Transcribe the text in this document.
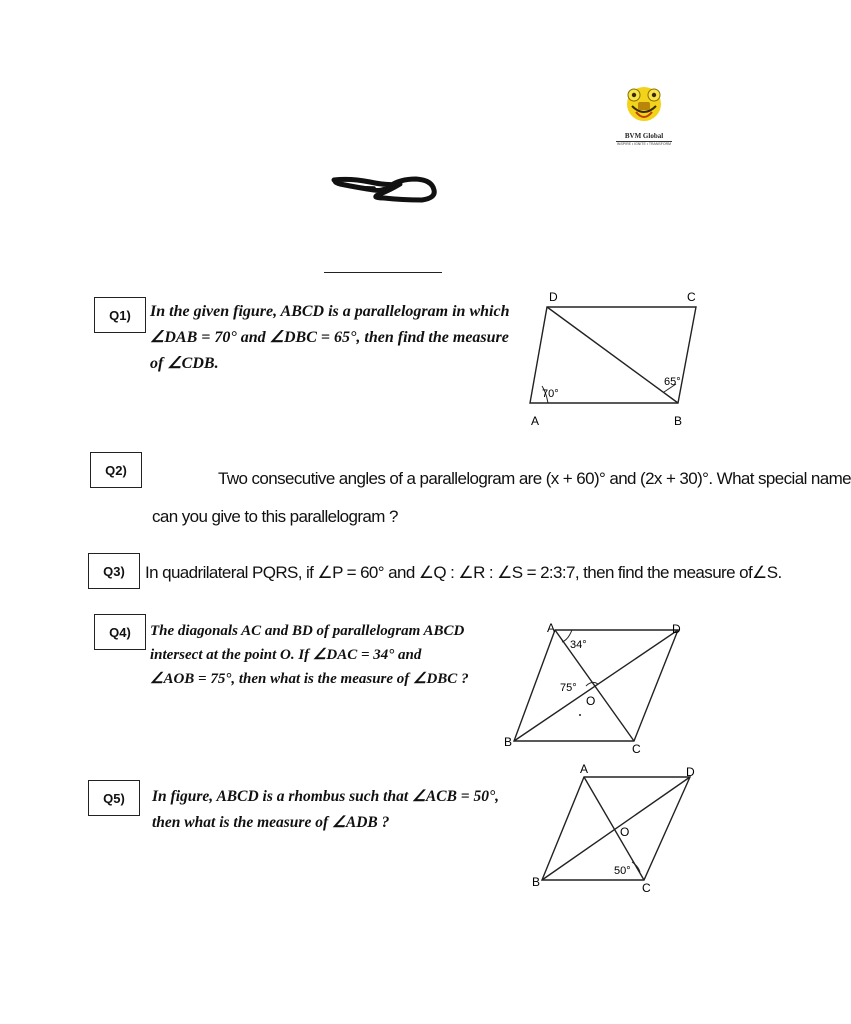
BVM Global
INSPIRE • IGNITE • TRANSFORM
Q1) In the given figure, ABCD is a parallelogram in which
∠DAB = 70° and ∠DBC = 65°, then find the measure
of ∠CDB.
D	C
A	B
70°
65°
Q2)	Two consecutive angles of a parallelogram are (x + 60)° and (2x + 30)°. What special name
can you give to this parallelogram ?
Q3) In quadrilateral PQRS, if ∠P = 60° and ∠Q : ∠R : ∠S = 2:3:7, then find the measure of∠S.
Q4) The diagonals AC and BD of parallelogram ABCD
intersect at the point O. If ∠DAC = 34° and
∠AOB = 75°, then what is the measure of ∠DBC ?
A	D
B	C
O
34°
75°
Q5) In figure, ABCD is a rhombus such that ∠ACB = 50°,
then what is the measure of ∠ADB ?
A	D
B	C
O
50°
